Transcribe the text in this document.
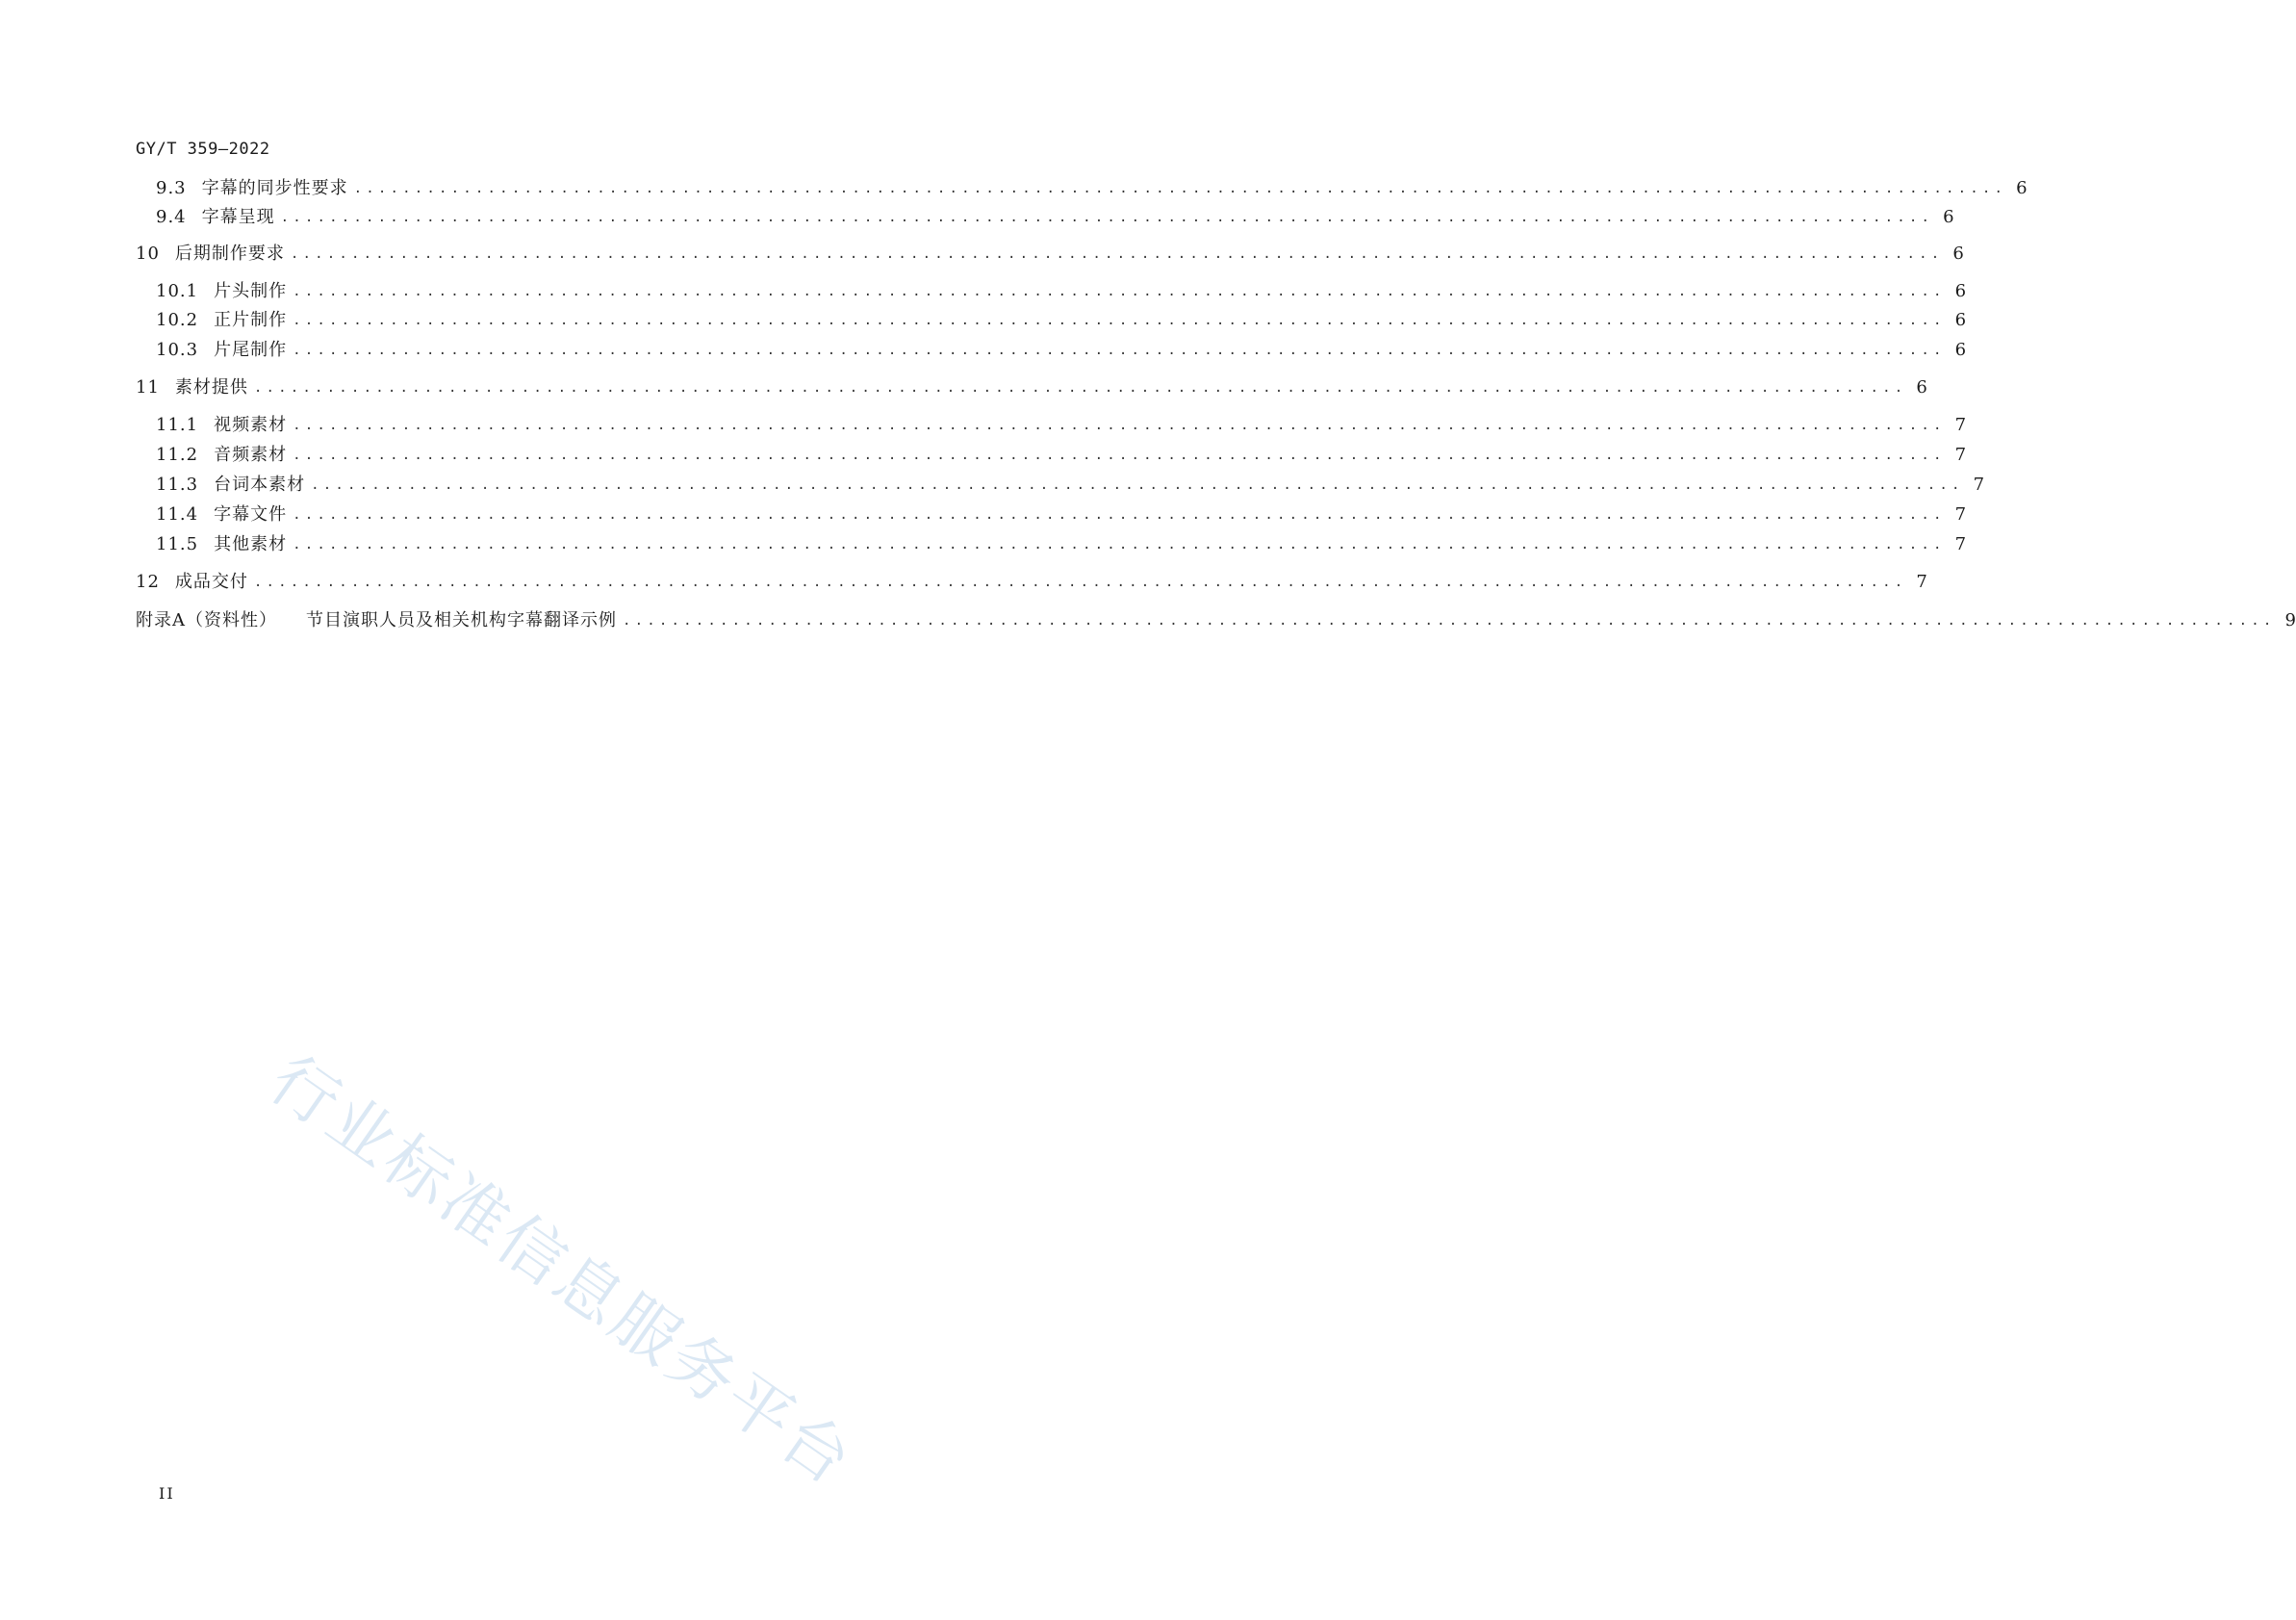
GY/T 359—2022
9.3 字幕的同步性要求 ........................................................................................................................................ 6
9.4 字幕呈现 ........................................................................................................................................ 6
10 后期制作要求 ........................................................................................................................................ 6
10.1 片头制作 ........................................................................................................................................ 6
10.2 正片制作 ........................................................................................................................................ 6
10.3 片尾制作 ........................................................................................................................................ 6
11 素材提供 ........................................................................................................................................ 6
11.1 视频素材 ........................................................................................................................................ 7
11.2 音频素材 ........................................................................................................................................ 7
11.3 台词本素材 ........................................................................................................................................ 7
11.4 字幕文件 ........................................................................................................................................ 7
11.5 其他素材 ........................................................................................................................................ 7
12 成品交付 ........................................................................................................................................ 7
附录A（资料性） 节目演职人员及相关机构字幕翻译示例 ........................................................................................................................................ 9
行业标准信息服务平台
II
